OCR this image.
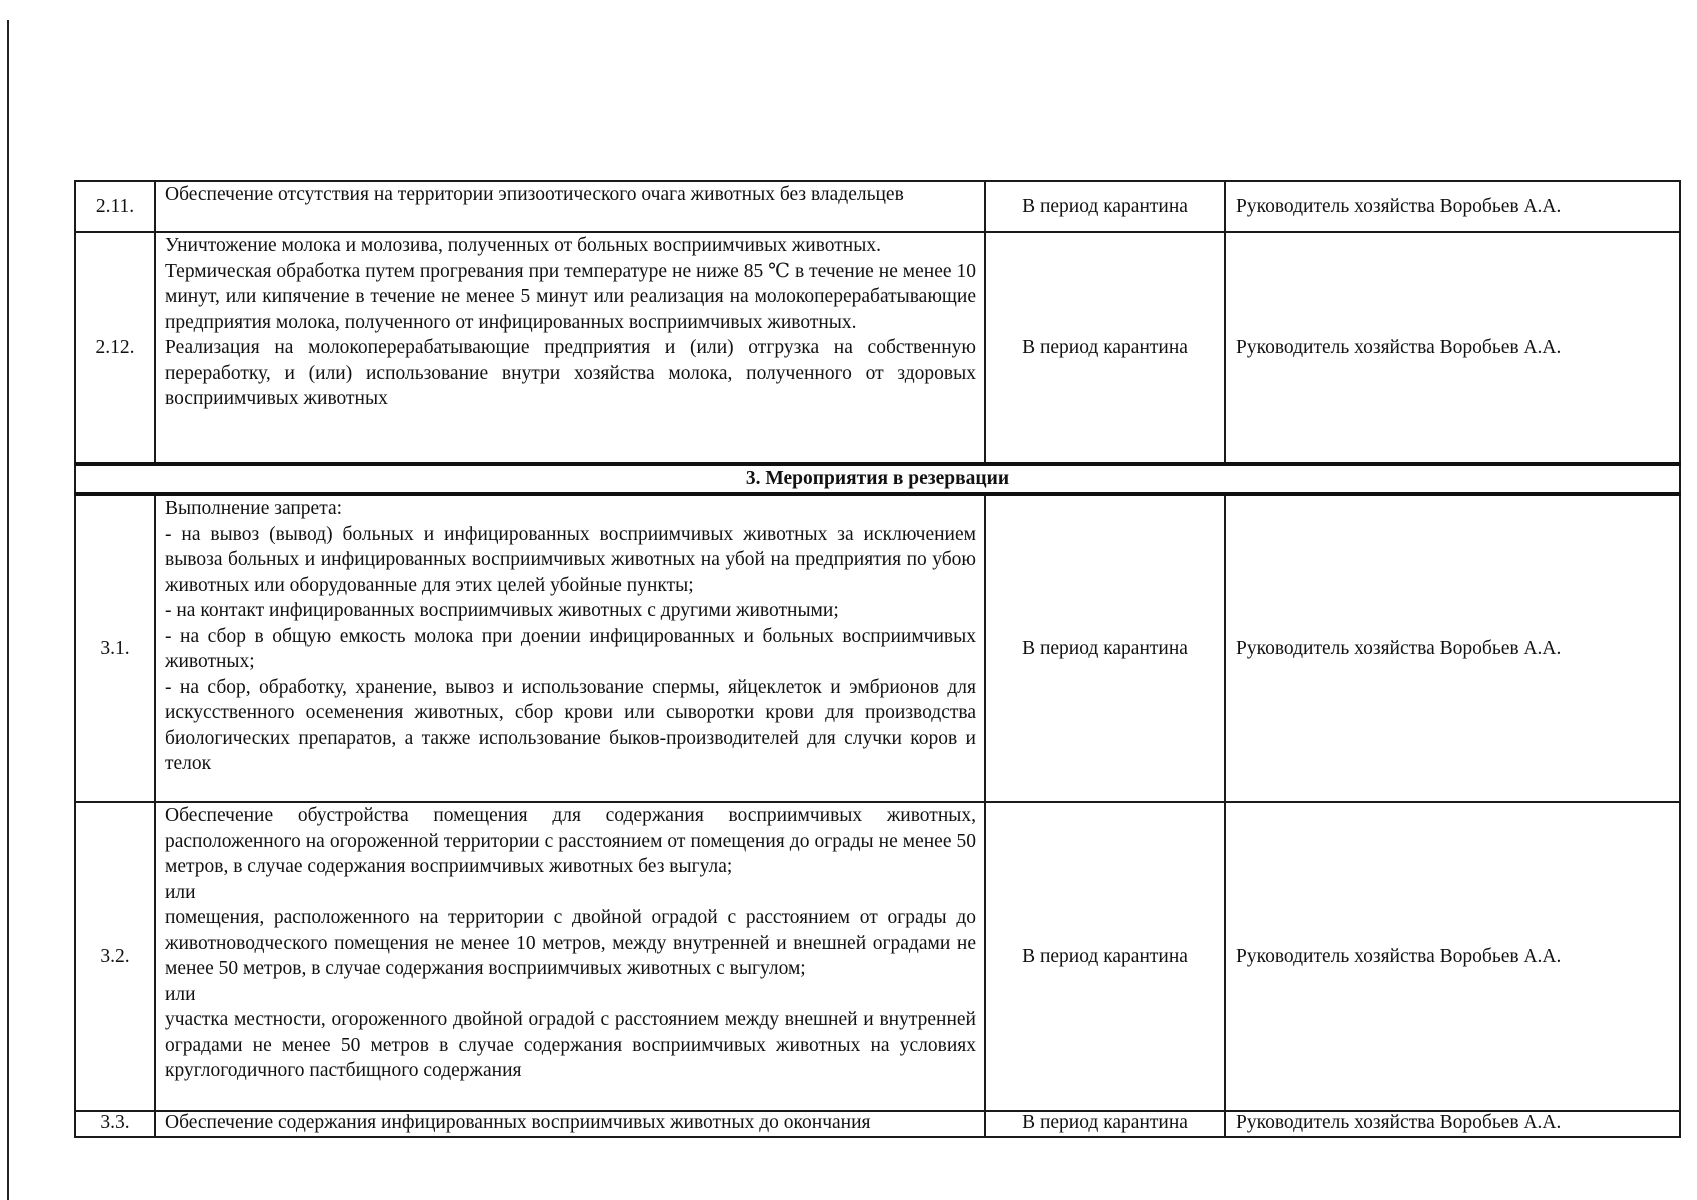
2.11.	Обеспечение отсутствия на территории эпизоотического очага животных без владельцев	В период карантина	Руководитель хозяйства Воробьев А.А.
2.12.	Уничтожение молока и молозива, полученных от больных восприимчивых животных.
Термическая обработка путем прогревания при температуре не ниже 85 ℃ в течение не менее 10 минут, или кипячение в течение не менее 5 минут или реализация на молокоперерабатывающие предприятия молока, полученного от инфицированных восприимчивых животных.
Реализация на молокоперерабатывающие предприятия и (или) отгрузка на собственную переработку, и (или) использование внутри хозяйства молока, полученного от здоровых восприимчивых животных	В период карантина	Руководитель хозяйства Воробьев А.А.
3. Мероприятия в резервации			
3.1.	Выполнение запрета:
- на вывоз (вывод) больных и инфицированных восприимчивых животных за исключением вывоза больных и инфицированных восприимчивых животных на убой на предприятия по убою животных или оборудованные для этих целей убойные пункты;
- на контакт инфицированных восприимчивых животных с другими животными;
- на сбор в общую емкость молока при доении инфицированных и больных восприимчивых животных;
- на сбор, обработку, хранение, вывоз и использование спермы, яйцеклеток и эмбрионов для искусственного осеменения животных, сбор крови или сыворотки крови для производства биологических препаратов, а также использование быков-производителей для случки коров и телок	В период карантина	Руководитель хозяйства Воробьев А.А.
3.2.	Обеспечение обустройства помещения для содержания восприимчивых животных, расположенного на огороженной территории с расстоянием от помещения до ограды не менее 50 метров, в случае содержания восприимчивых животных без выгула;
или
помещения, расположенного на территории с двойной оградой с расстоянием от ограды до животноводческого помещения не менее 10 метров, между внутренней и внешней оградами не менее 50 метров, в случае содержания восприимчивых животных с выгулом;
или
участка местности, огороженного двойной оградой с расстоянием между внешней и внутренней оградами не менее 50 метров в случае содержания восприимчивых животных на условиях круглогодичного пастбищного содержания	В период карантина	Руководитель хозяйства Воробьев А.А.
3.3.	Обеспечение содержания инфицированных восприимчивых животных до окончания	В период карантина	Руководитель хозяйства Воробьев А.А.
